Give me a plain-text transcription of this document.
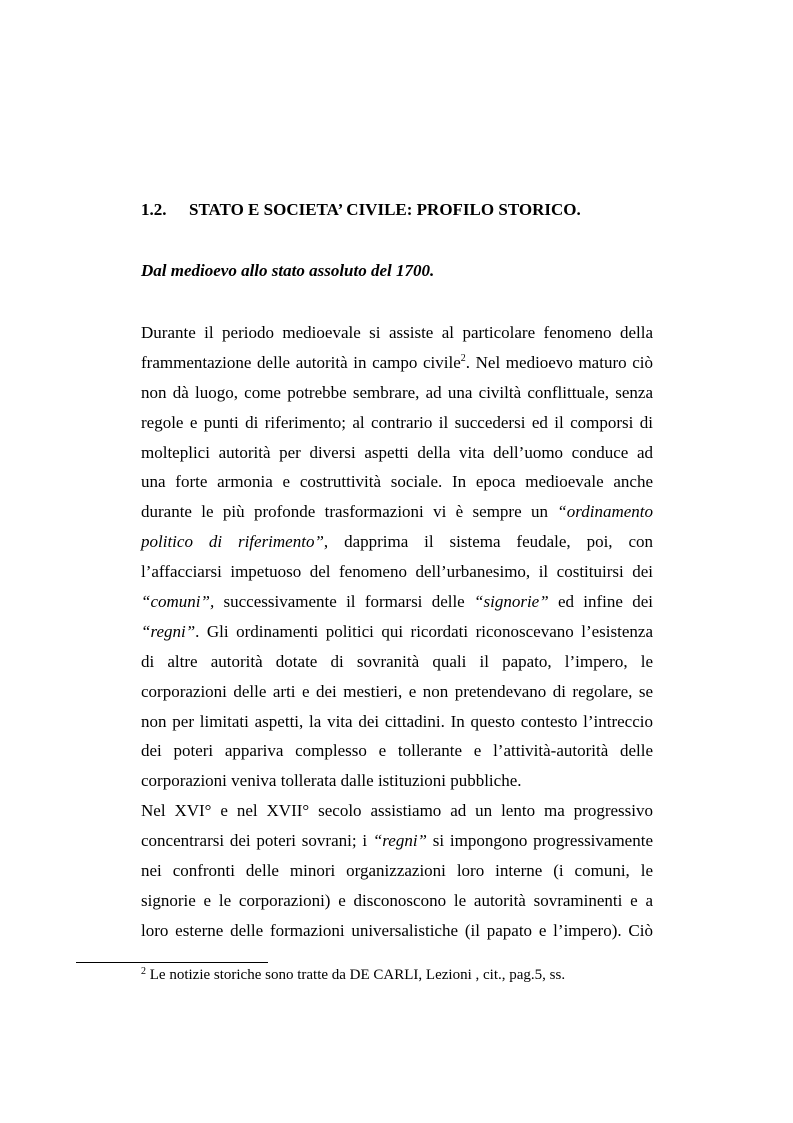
1.2. STATO E SOCIETA’ CIVILE: PROFILO STORICO.
Dal medioevo allo stato assoluto del 1700.
Durante il periodo medioevale si assiste al particolare fenomeno della
frammentazione delle autorità in campo civile$^2$. Nel medioevo maturo ciò
non dà luogo, come potrebbe sembrare, ad una civiltà conflittuale, senza
regole e punti di riferimento; al contrario il succedersi ed il comporsi di
molteplici autorità per diversi aspetti della vita dell’uomo conduce ad
una forte armonia e costruttività sociale. In epoca medioevale anche
durante le più profonde trasformazioni vi è sempre un “ordinamento
politico di riferimento”, dapprima il sistema feudale, poi, con
l’affacciarsi impetuoso del fenomeno dell’urbanesimo, il costituirsi dei
“comuni”, successivamente il formarsi delle “signorie” ed infine dei
“regni”. Gli ordinamenti politici qui ricordati riconoscevano l’esistenza
di altre autorità dotate di sovranità quali il papato, l’impero, le
corporazioni delle arti e dei mestieri, e non pretendevano di regolare, se
non per limitati aspetti, la vita dei cittadini. In questo contesto l’intreccio
dei poteri appariva complesso e tollerante e l’attività-autorità delle
corporazioni veniva tollerata dalle istituzioni pubbliche.
Nel XVI° e nel XVII° secolo assistiamo ad un lento ma progressivo
concentrarsi dei poteri sovrani; i “regni” si impongono progressivamente
nei confronti delle minori organizzazioni loro interne (i comuni, le
signorie e le corporazioni) e disconoscono le autorità sovraminenti e a
loro esterne delle formazioni universalistiche (il papato e l’impero). Ciò
$^2$ Le notizie storiche sono tratte da DE CARLI, Lezioni , cit., pag.5, ss.
